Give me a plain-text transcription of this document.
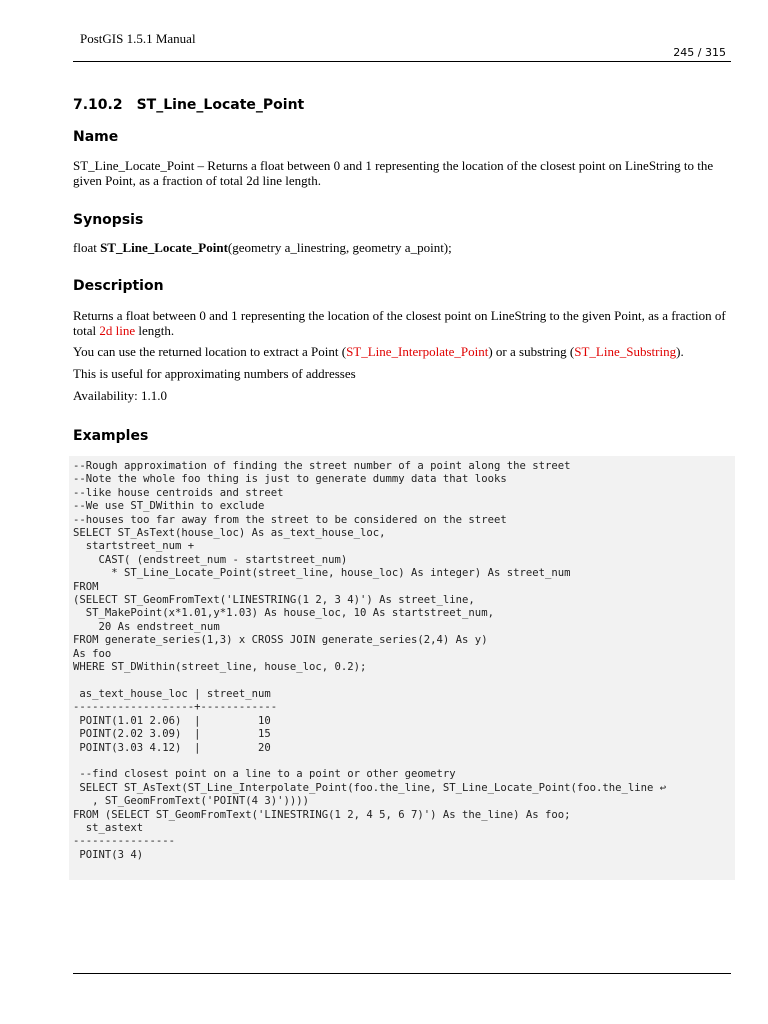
PostGIS 1.5.1 Manual
245 / 315
7.10.2 ST_Line_Locate_Point
Name

ST_Line_Locate_Point – Returns a float between 0 and 1 representing the location of the closest point on LineString to the given Point, as a fraction of total 2d line length.

Synopsis

float ST_Line_Locate_Point(geometry a_linestring, geometry a_point);

Description

Returns a float between 0 and 1 representing the location of the closest point on LineString to the given Point, as a fraction of total 2d line length.

You can use the returned location to extract a Point (ST_Line_Interpolate_Point) or a substring (ST_Line_Substring).

This is useful for approximating numbers of addresses

Availability: 1.1.0

Examples
--Rough approximation of finding the street number of a point along the street
--Note the whole foo thing is just to generate dummy data that looks
--like house centroids and street
--We use ST_DWithin to exclude
--houses too far away from the street to be considered on the street
SELECT ST_AsText(house_loc) As as_text_house_loc,
startstreet_num +
CAST( (endstreet_num - startstreet_num)
* ST_Line_Locate_Point(street_line, house_loc) As integer) As street_num
FROM
(SELECT ST_GeomFromText('LINESTRING(1 2, 3 4)') As street_line,
ST_MakePoint(x*1.01,y*1.03) As house_loc, 10 As startstreet_num,
20 As endstreet_num
FROM generate_series(1,3) x CROSS JOIN generate_series(2,4) As y)
As foo
WHERE ST_DWithin(street_line, house_loc, 0.2);

as_text_house_loc | street_num
-------------------+------------
POINT(1.01 2.06)  |         10
POINT(2.02 3.09)  |         15
POINT(3.03 4.12)  |         20

--find closest point on a line to a point or other geometry
SELECT ST_AsText(ST_Line_Interpolate_Point(foo.the_line, ST_Line_Locate_Point(foo.the_line ↩
, ST_GeomFromText('POINT(4 3)'))))
FROM (SELECT ST_GeomFromText('LINESTRING(1 2, 4 5, 6 7)') As the_line) As foo;
st_astext
----------------
POINT(3 4)
